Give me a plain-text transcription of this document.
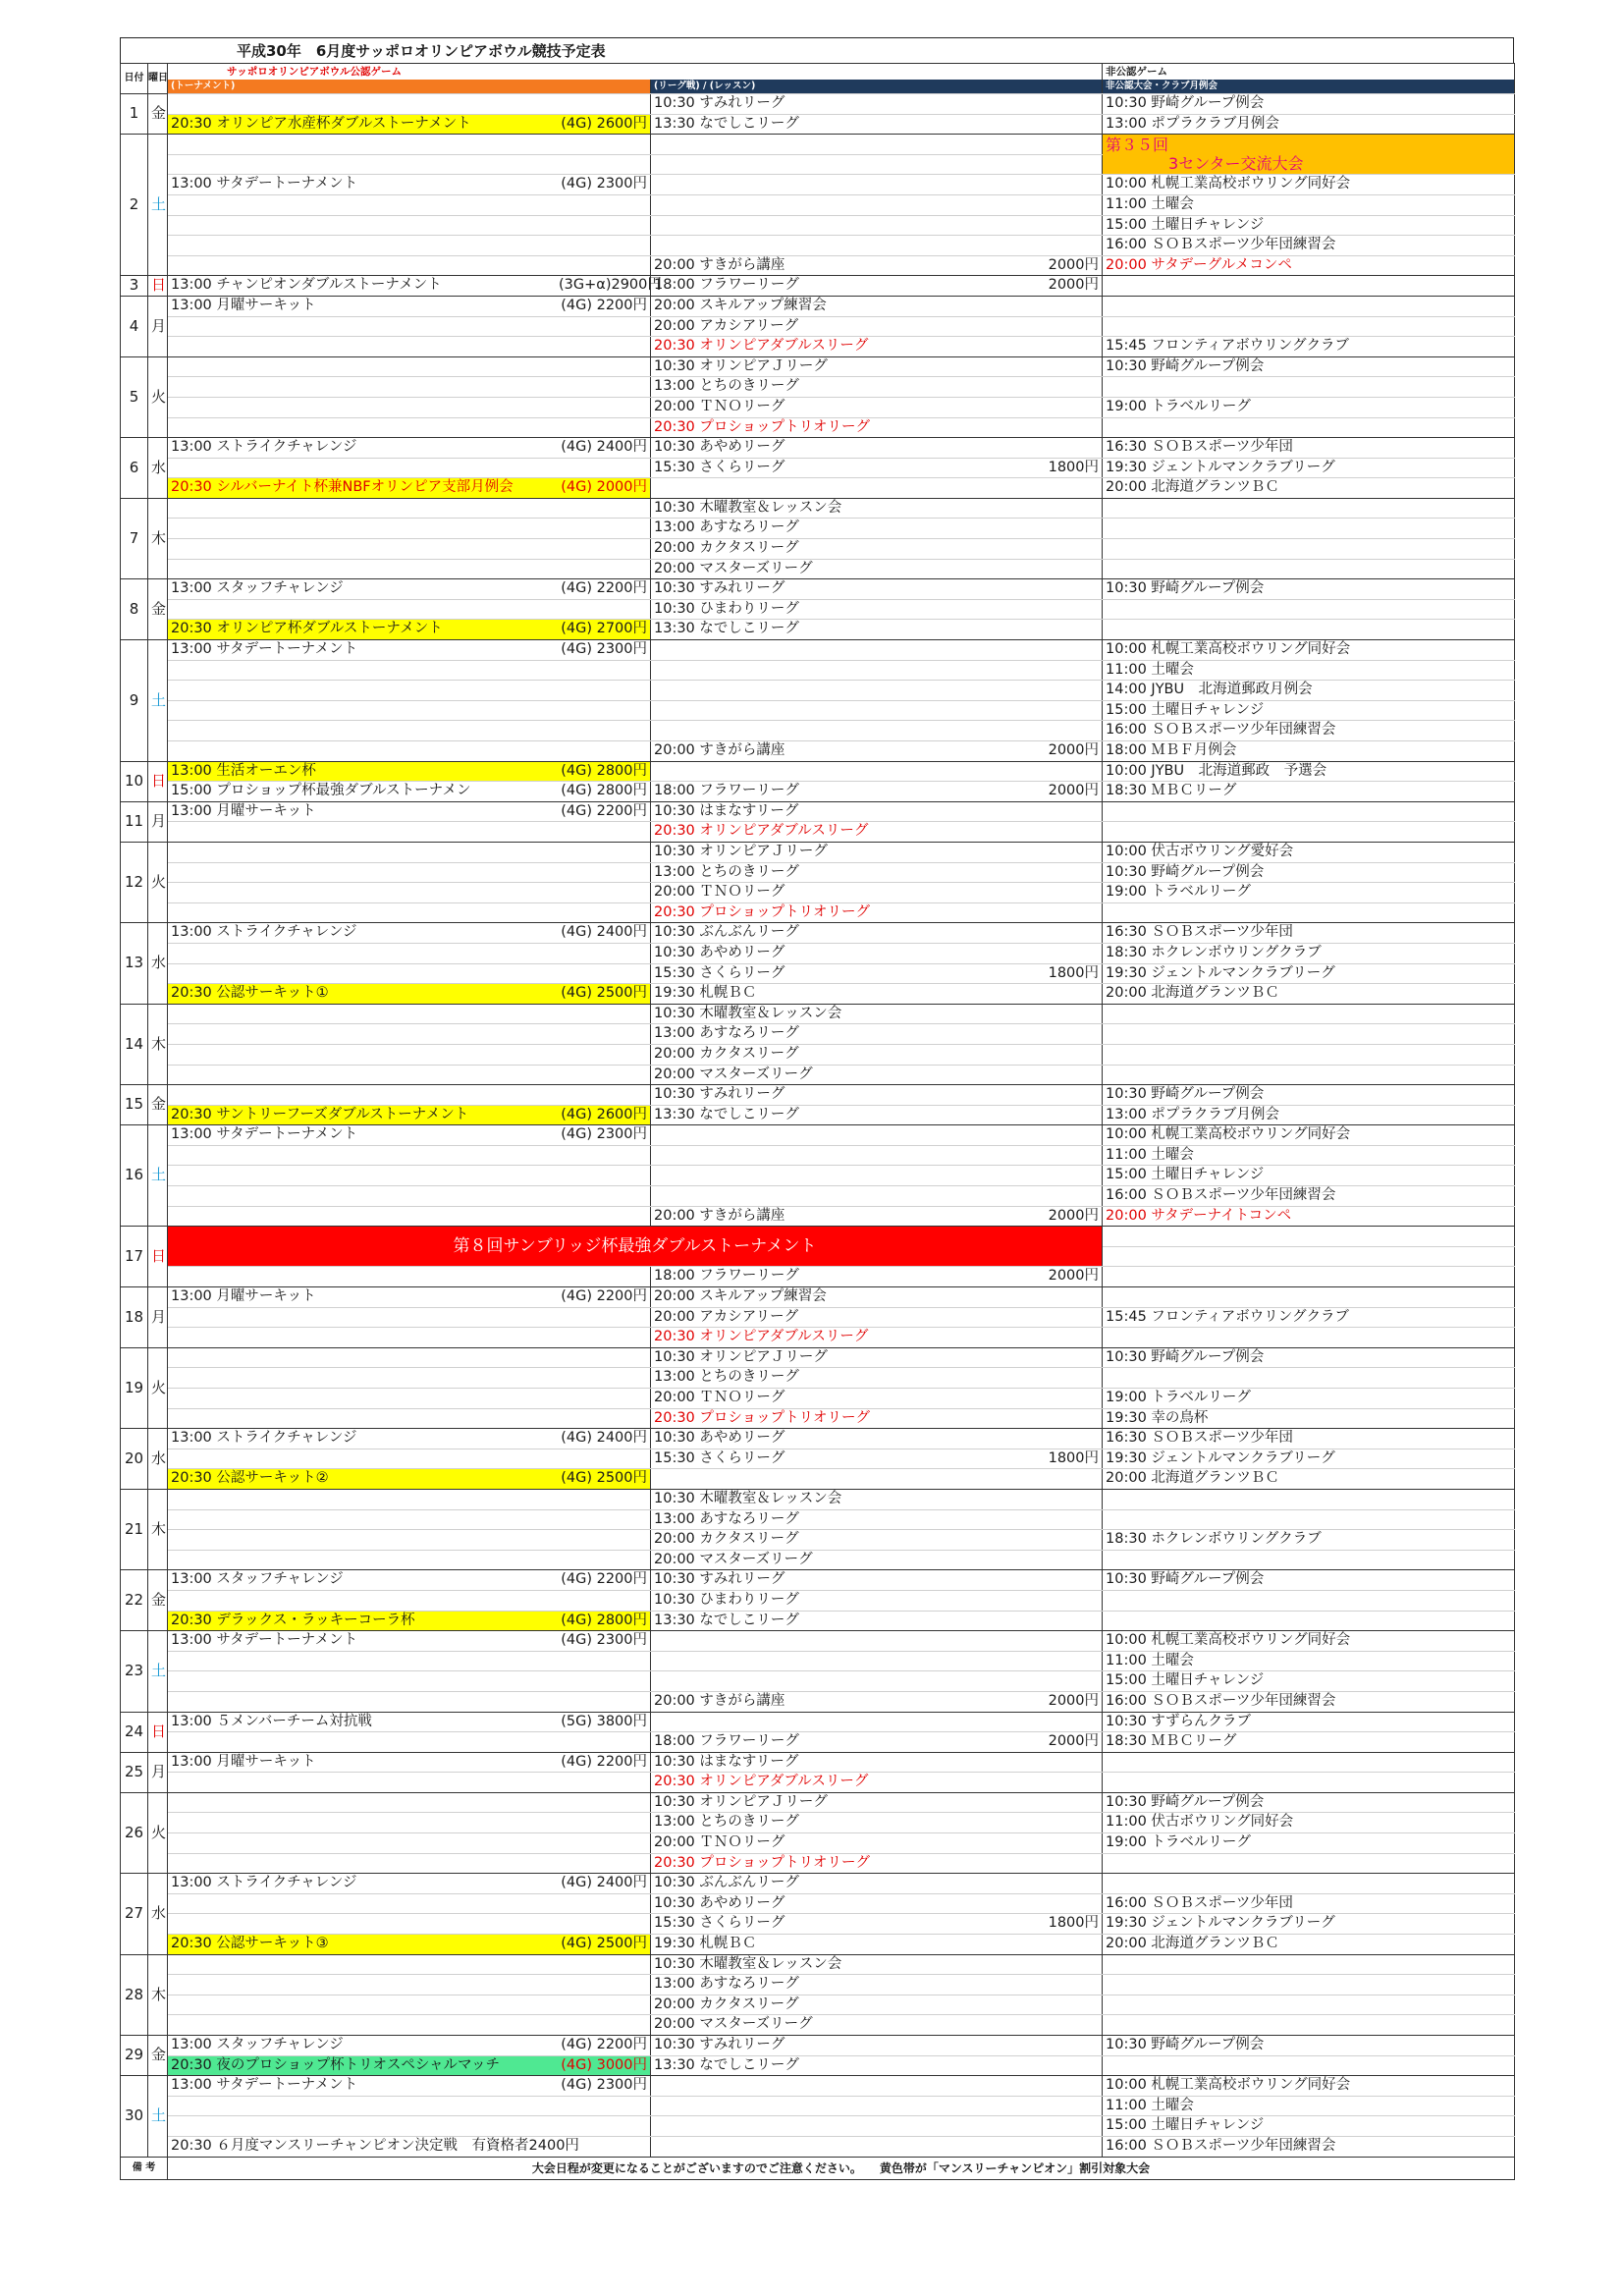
平成30年　6月度サッポロオリンピアボウル競技予定表
日付	曜日	サッポロオリンピアボウル公認ゲーム		非公認ゲーム
		(トーナメント)	(リーグ戦) / (レッスン)	非公認大会・クラブ月例会
1	金		10:30 すみれリーグ	10:30 野崎グループ例会

		20:30 オリンピア水産杯ダブルストーナメント (4G) 2600円	13:30 なでしこリーグ	13:00 ポプラクラブ月例会
2	土			第３５回
　　　　3センター交流大会

		13:00 サタデートーナメント (4G) 2300円		10:00 札幌工業高校ボウリング同好会

			11:00 土曜会

			15:00 土曜日チャレンジ

			16:00 ＳＯＢスポーツ少年団練習会

			20:00 すきがら講座 2000円	20:00 サタデーグルメコンペ
3	日	13:00 チャンピオンダブルストーナメント (3G+α)2900円	18:00 フラワーリーグ 2000円	

4	月	13:00 月曜サーキット (4G) 2200円	20:00 スキルアップ練習会	

			20:00 アカシアリーグ	

			20:30 オリンピアダブルスリーグ	15:45 フロンティアボウリングクラブ
5	火		10:30 オリンピアＪリーグ	10:30 野崎グループ例会

			13:00 とちのきリーグ	

			20:00 ＴＮＯリーグ	19:00 トラベルリーグ

			20:30 プロショップトリオリーグ	

6	水	13:00 ストライクチャレンジ (4G) 2400円	10:30 あやめリーグ	16:30 ＳＯＢスポーツ少年団

			15:30 さくらリーグ 1800円	19:30 ジェントルマンクラブリーグ

		20:30 シルバーナイト杯兼NBFオリンピア支部月例会 (4G) 2000円		20:00 北海道グランツＢＣ
7	木		10:30 木曜教室＆レッスン会	

			13:00 あすなろリーグ	

			20:00 カクタスリーグ	

			20:00 マスターズリーグ	

8	金	13:00 スタッフチャレンジ (4G) 2200円	10:30 すみれリーグ	10:30 野崎グループ例会

			10:30 ひまわりリーグ	

		20:30 オリンピア杯ダブルストーナメント (4G) 2700円	13:30 なでしこリーグ	

9	土	13:00 サタデートーナメント (4G) 2300円		10:00 札幌工業高校ボウリング同好会

			11:00 土曜会

			14:00 JYBU　北海道郵政月例会

			15:00 土曜日チャレンジ

			16:00 ＳＯＢスポーツ少年団練習会

			20:00 すきがら講座 2000円	18:00 ＭＢＦ月例会
10	日	13:00 生活オーエン杯 (4G) 2800円		10:00 JYBU　北海道郵政　予選会

		15:00 プロショップ杯最強ダブルストーナメン (4G) 2800円	18:00 フラワーリーグ 2000円	18:30 ＭＢＣリーグ
11	月	13:00 月曜サーキット (4G) 2200円	10:30 はまなすリーグ	

			20:30 オリンピアダブルスリーグ	

12	火		10:30 オリンピアＪリーグ	10:00 伏古ボウリング愛好会

			13:00 とちのきリーグ	10:30 野崎グループ例会

			20:00 ＴＮＯリーグ	19:00 トラベルリーグ

			20:30 プロショップトリオリーグ	

13	水	13:00 ストライクチャレンジ (4G) 2400円	10:30 ぶんぶんリーグ	16:30 ＳＯＢスポーツ少年団

			10:30 あやめリーグ	18:30 ホクレンボウリングクラブ

			15:30 さくらリーグ 1800円	19:30 ジェントルマンクラブリーグ

		20:30 公認サーキット① (4G) 2500円	19:30 札幌ＢＣ	20:00 北海道グランツＢＣ
14	木		10:30 木曜教室＆レッスン会	

			13:00 あすなろリーグ	

			20:00 カクタスリーグ	

			20:00 マスターズリーグ	

15	金		10:30 すみれリーグ	10:30 野崎グループ例会

		20:30 サントリーフーズダブルストーナメント (4G) 2600円	13:30 なでしこリーグ	13:00 ポプラクラブ月例会
16	土	13:00 サタデートーナメント (4G) 2300円		10:00 札幌工業高校ボウリング同好会

			11:00 土曜会

			15:00 土曜日チャレンジ

			16:00 ＳＯＢスポーツ少年団練習会

			20:00 すきがら講座 2000円	20:00 サタデーナイトコンペ
17	日	第８回サンブリッジ杯最強ダブルストーナメント		

			18:00 フラワーリーグ 2000円	

18	月	13:00 月曜サーキット (4G) 2200円	20:00 スキルアップ練習会	

			20:00 アカシアリーグ	15:45 フロンティアボウリングクラブ

			20:30 オリンピアダブルスリーグ	

19	火		10:30 オリンピアＪリーグ	10:30 野崎グループ例会

			13:00 とちのきリーグ	

			20:00 ＴＮＯリーグ	19:00 トラベルリーグ

			20:30 プロショップトリオリーグ	19:30 幸の鳥杯
20	水	13:00 ストライクチャレンジ (4G) 2400円	10:30 あやめリーグ	16:30 ＳＯＢスポーツ少年団

			15:30 さくらリーグ 1800円	19:30 ジェントルマンクラブリーグ

		20:30 公認サーキット② (4G) 2500円		20:00 北海道グランツＢＣ
21	木		10:30 木曜教室＆レッスン会	

			13:00 あすなろリーグ	

			20:00 カクタスリーグ	18:30 ホクレンボウリングクラブ

			20:00 マスターズリーグ	

22	金	13:00 スタッフチャレンジ (4G) 2200円	10:30 すみれリーグ	10:30 野崎グループ例会

			10:30 ひまわりリーグ	

		20:30 デラックス・ラッキーコーラ杯 (4G) 2800円	13:30 なでしこリーグ	

23	土	13:00 サタデートーナメント (4G) 2300円		10:00 札幌工業高校ボウリング同好会

			11:00 土曜会

			15:00 土曜日チャレンジ

			20:00 すきがら講座 2000円	16:00 ＳＯＢスポーツ少年団練習会
24	日	13:00 ５メンバーチーム対抗戦 (5G) 3800円		10:30 すずらんクラブ

			18:00 フラワーリーグ 2000円	18:30 ＭＢＣリーグ
25	月	13:00 月曜サーキット (4G) 2200円	10:30 はまなすリーグ	

			20:30 オリンピアダブルスリーグ	

26	火		10:30 オリンピアＪリーグ	10:30 野崎グループ例会

			13:00 とちのきリーグ	11:00 伏古ボウリング同好会

			20:00 ＴＮＯリーグ	19:00 トラベルリーグ

			20:30 プロショップトリオリーグ	

27	水	13:00 ストライクチャレンジ (4G) 2400円	10:30 ぶんぶんリーグ	

			10:30 あやめリーグ	16:00 ＳＯＢスポーツ少年団

			15:30 さくらリーグ 1800円	19:30 ジェントルマンクラブリーグ

		20:30 公認サーキット③ (4G) 2500円	19:30 札幌ＢＣ	20:00 北海道グランツＢＣ
28	木		10:30 木曜教室＆レッスン会	

			13:00 あすなろリーグ	

			20:00 カクタスリーグ	

			20:00 マスターズリーグ	

29	金	13:00 スタッフチャレンジ (4G) 2200円	10:30 すみれリーグ	10:30 野崎グループ例会

		20:30 夜のプロショップ杯トリオスペシャルマッチ (4G) 3000円	13:30 なでしこリーグ	

30	土	13:00 サタデートーナメント (4G) 2300円		10:00 札幌工業高校ボウリング同好会

			11:00 土曜会

			15:00 土曜日チャレンジ

		20:30 ６月度マンスリーチャンピオン決定戦　有資格者2400円		16:00 ＳＯＢスポーツ少年団練習会
備 考		大会日程が変更になることがございますのでご注意ください。　　黄色帯が「マンスリーチャンピオン」割引対象大会		
